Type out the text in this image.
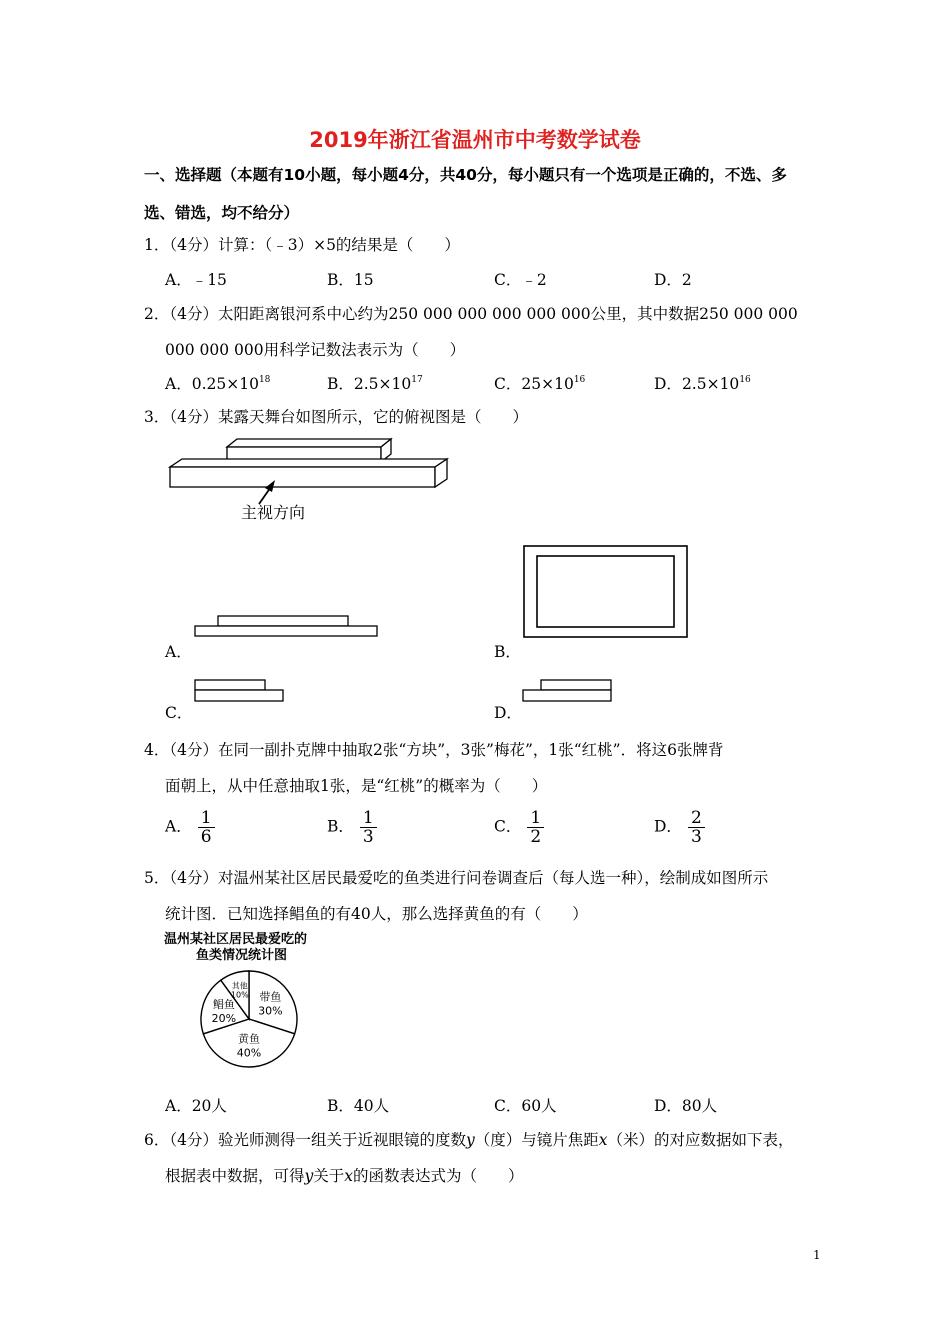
2019年浙江省温州市中考数学试卷
一、选择题（本题有10小题，每小题4分，共40分，每小题只有一个选项是正确的，不选、多
选、错选，均不给分）
1．（4分）计算：（﹣3）×5的结果是（　　）
A．﹣15	B．15	C．﹣2	D．2
2．（4分）太阳距离银河系中心约为250 000 000 000 000 000公里，其中数据250 000 000
000 000 000用科学记数法表示为（　　）
A．$0.25\times 10^{18}$	B．$2.5\times 10^{17}$	C．$25\times 10^{16}$	D．$2.5\times 10^{16}$
3．（4分）某露天舞台如图所示，它的俯视图是（　　）
主视方向
A．	B．
C．	D．
4．（4分）在同一副扑克牌中抽取2张“方块”，3张”梅花”，1张“红桃”．将这6张牌背
面朝上，从中任意抽取1张，是“红桃”的概率为（　　）
A． $\frac{1}{6}$	B． $\frac{1}{3}$	C． $\frac{1}{2}$	D． $\frac{2}{3}$
5．（4分）对温州某社区居民最爱吃的鱼类进行问卷调查后（每人选一种），绘制成如图所示
统计图．已知选择鲳鱼的有40人，那么选择黄鱼的有（　　）
温州某社区居民最爱吃的
鱼类情况统计图
带鱼
30%
黄鱼
40%
鲳鱼
20%
其他
10%
A．20人	B．40人	C．60人	D．80人
6．（4分）验光师测得一组关于近视眼镜的度数y（度）与镜片焦距x（米）的对应数据如下表，
根据表中数据，可得y关于x的函数表达式为（　　）
1
